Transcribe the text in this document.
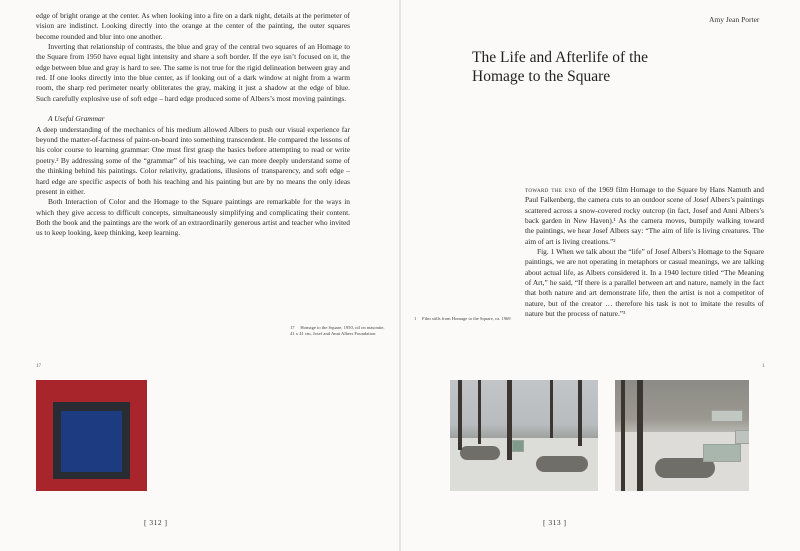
edge of bright orange at the center. As when looking into a fire on a dark night, details at the perimeter of vision are indistinct. Looking directly into the orange at the center of the painting, the outer squares become rounded and blur into one another.

Inverting that relationship of contrasts, the blue and gray of the central two squares of an Homage to the Square from 1950 have equal light intensity and share a soft border. If the eye isn’t focused on it, the edge between blue and gray is hard to see. The same is not true for the rigid delineation between gray and red. If one looks directly into the blue center, as if looking out of a dark window at night from a warm room, the sharp red perimeter nearly obliterates the gray, making it just a shadow at the edge of blue. Such carefully explosive use of soft edge – hard edge produced some of Albers’s most moving paintings.

A Useful Grammar

A deep understanding of the mechanics of his medium allowed Albers to push our visual experience far beyond the matter-of-factness of paint-on-board into something transcendent. He compared the lessons of his color course to learning grammar: One must first grasp the basics before attempting to read or write poetry.² By addressing some of the “grammar” of his teaching, we can more deeply understand some of the thinking behind his paintings. Color relativity, gradations, illusions of transparency, and soft edge – hard edge are specific aspects of both his teaching and his painting but are by no means the only ideas present in either.

Both Interaction of Color and the Homage to the Square paintings are remarkable for the ways in which they give access to difficult concepts, simultaneously simplifying and complicating their content. Both the book and the paintings are the work of an extraordinarily generous artist and teacher who invited us to keep looking, keep thinking, keep learning.

17 Homage to the Square, 1950, oil on masonite, 41 x 41 cm, Josef and Anni Albers Foundation
17
[ 312 ]
Amy Jean Porter
The Life and Afterlife of the
Homage to the Square

toward the end of the 1969 film Homage to the Square by Hans Namuth and Paul Falkenberg, the camera cuts to an outdoor scene of Josef Albers’s paintings scattered across a snow-covered rocky outcrop (in fact, Josef and Anni Albers’s back garden in New Haven).¹ As the camera moves, bumpily walking toward the paintings, we hear Josef Albers say: “The aim of life is living creatures. The aim of art is living creations.”²

Fig. 1 When we talk about the “life” of Josef Albers’s Homage to the Square paintings, we are not operating in metaphors or casual meanings, we are talking about actual life, as Albers considered it. In a 1940 lecture titled “The Meaning of Art,” he said, “If there is a parallel between art and nature, namely in the fact that both nature and art demonstrate life, then the artist is not a competitor of nature, but of the creator … therefore his task is not to imitate the results of nature but the process of nature.”³

1 Film stills from Homage to the Square, ca. 1969
1
[ 313 ]
